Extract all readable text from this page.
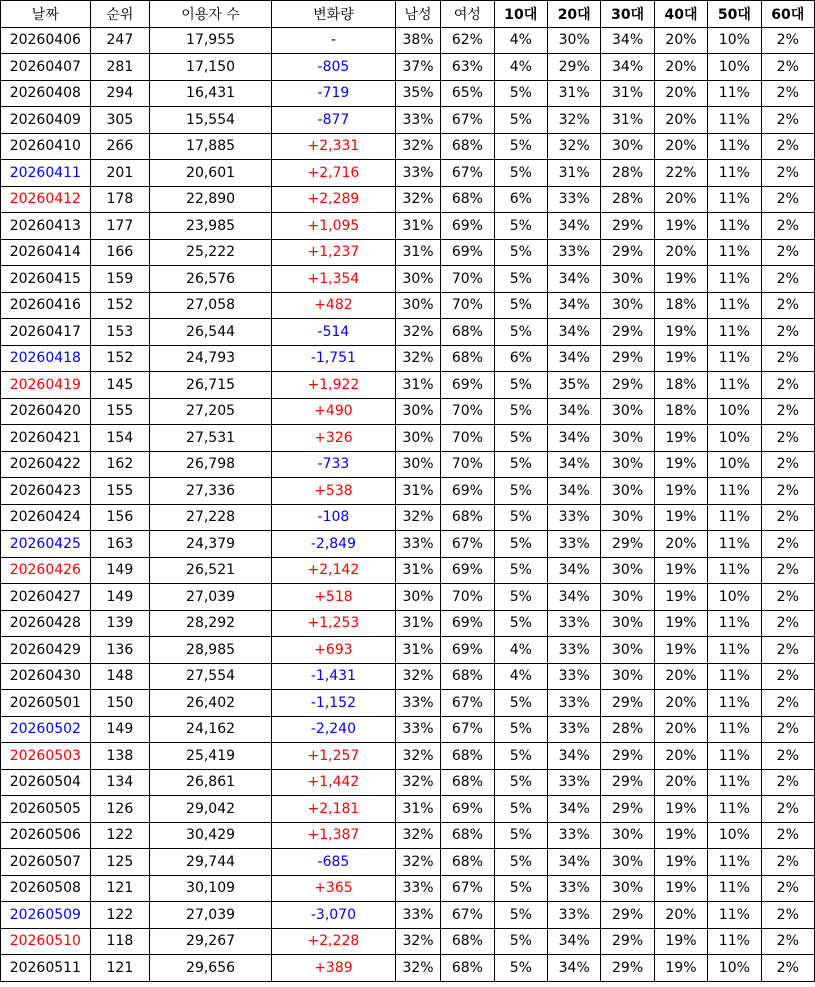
날짜	순위	이용자 수	변화량	남성	여성	10대	20대	30대	40대	50대	60대
20260406	247	17,955	-	38%	62%	4%	30%	34%	20%	10%	2%
20260407	281	17,150	-805	37%	63%	4%	29%	34%	20%	10%	2%
20260408	294	16,431	-719	35%	65%	5%	31%	31%	20%	11%	2%
20260409	305	15,554	-877	33%	67%	5%	32%	31%	20%	11%	2%
20260410	266	17,885	+2,331	32%	68%	5%	32%	30%	20%	11%	2%
20260411	201	20,601	+2,716	33%	67%	5%	31%	28%	22%	11%	2%
20260412	178	22,890	+2,289	32%	68%	6%	33%	28%	20%	11%	2%
20260413	177	23,985	+1,095	31%	69%	5%	34%	29%	19%	11%	2%
20260414	166	25,222	+1,237	31%	69%	5%	33%	29%	20%	11%	2%
20260415	159	26,576	+1,354	30%	70%	5%	34%	30%	19%	11%	2%
20260416	152	27,058	+482	30%	70%	5%	34%	30%	18%	11%	2%
20260417	153	26,544	-514	32%	68%	5%	34%	29%	19%	11%	2%
20260418	152	24,793	-1,751	32%	68%	6%	34%	29%	19%	11%	2%
20260419	145	26,715	+1,922	31%	69%	5%	35%	29%	18%	11%	2%
20260420	155	27,205	+490	30%	70%	5%	34%	30%	18%	10%	2%
20260421	154	27,531	+326	30%	70%	5%	34%	30%	19%	10%	2%
20260422	162	26,798	-733	30%	70%	5%	34%	30%	19%	10%	2%
20260423	155	27,336	+538	31%	69%	5%	34%	30%	19%	11%	2%
20260424	156	27,228	-108	32%	68%	5%	33%	30%	19%	11%	2%
20260425	163	24,379	-2,849	33%	67%	5%	33%	29%	20%	11%	2%
20260426	149	26,521	+2,142	31%	69%	5%	34%	30%	19%	11%	2%
20260427	149	27,039	+518	30%	70%	5%	34%	30%	19%	10%	2%
20260428	139	28,292	+1,253	31%	69%	5%	33%	30%	19%	11%	2%
20260429	136	28,985	+693	31%	69%	4%	33%	30%	19%	11%	2%
20260430	148	27,554	-1,431	32%	68%	4%	33%	30%	20%	11%	2%
20260501	150	26,402	-1,152	33%	67%	5%	33%	29%	20%	11%	2%
20260502	149	24,162	-2,240	33%	67%	5%	33%	28%	20%	11%	2%
20260503	138	25,419	+1,257	32%	68%	5%	34%	29%	20%	11%	2%
20260504	134	26,861	+1,442	32%	68%	5%	33%	29%	20%	11%	2%
20260505	126	29,042	+2,181	31%	69%	5%	34%	29%	19%	11%	2%
20260506	122	30,429	+1,387	32%	68%	5%	33%	30%	19%	10%	2%
20260507	125	29,744	-685	32%	68%	5%	34%	30%	19%	11%	2%
20260508	121	30,109	+365	33%	67%	5%	33%	30%	19%	11%	2%
20260509	122	27,039	-3,070	33%	67%	5%	33%	29%	20%	11%	2%
20260510	118	29,267	+2,228	32%	68%	5%	34%	29%	19%	11%	2%
20260511	121	29,656	+389	32%	68%	5%	34%	29%	19%	10%	2%
